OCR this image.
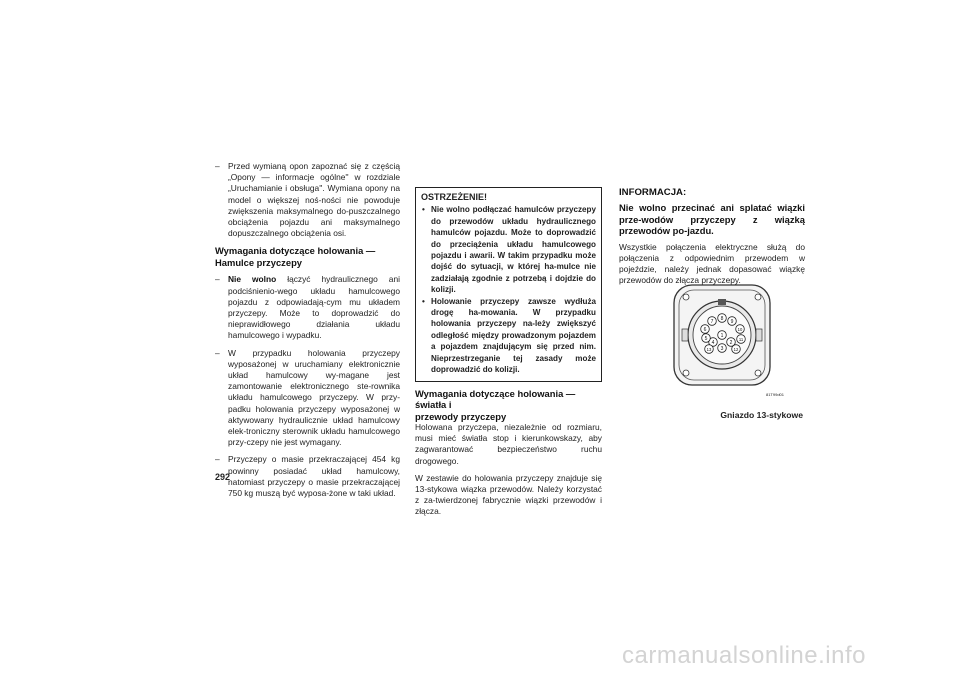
– Przed wymianą opon zapoznać się z częścią „Opony — informacje ogólne'' w rozdziale „Uruchamianie i obsługa''. Wymiana opony na model o większej noś-ności nie powoduje zwiększenia maksymalnego do-puszczalnego obciążenia pojazdu ani maksymalnego dopuszczalnego obciążenia osi.
Wymagania dotyczące holowania —
Hamulce przyczepy
– Nie wolno łączyć hydraulicznego ani podciśnienio-wego układu hamulcowego pojazdu z odpowiadają-cym mu układem przyczepy. Może to doprowadzić do nieprawidłowego działania układu hamulcowego i wypadku.
– W przypadku holowania przyczepy wyposażonej w uruchamiany elektronicznie układ hamulcowy wy-magane jest zamontowanie elektronicznego ste-rownika układu hamulcowego przyczepy. W przy-padku holowania przyczepy wyposażonej w aktywowany hydraulicznie układ hamulcowy elek-troniczny sterownik układu hamulcowego przy-czepy nie jest wymagany.
– Przyczepy o masie przekraczającej 454 kg powinny posiadać układ hamulcowy, natomiast przyczepy o masie przekraczającej 750 kg muszą być wyposa-żone w taki układ.
292
OSTRZEŻENIE!
• Nie wolno podłączać hamulców przyczepy do przewodów układu hydraulicznego hamulców pojazdu. Może to doprowadzić do przeciążenia układu hamulcowego pojazdu i awarii. W takim przypadku może dojść do sytuacji, w której ha-mulce nie zadziałają zgodnie z potrzebą i dojdzie do kolizji.
• Holowanie przyczepy zawsze wydłuża drogę ha-mowania. W przypadku holowania przyczepy na-leży zwiększyć odległość między prowadzonym pojazdem a pojazdem znajdującym się przed nim. Nieprzestrzeganie tej zasady może doprowadzić do kolizji.
Wymagania dotyczące holowania — światła i
przewody przyczepy

Holowana przyczepa, niezależnie od rozmiaru, musi mieć światła stop i kierunkowskazy, aby zagwarantować bezpieczeństwo ruchu drogowego.

W zestawie do holowania przyczepy znajduje się 13-stykowa wiązka przewodów. Należy korzystać z za-twierdzonej fabrycznie wiązki przewodów i złącza.

INFORMACJA:
Nie wolno przecinać ani splatać wiązki prze-wodów przyczepy z wiązką przewodów po-jazdu.

Wszystkie połączenia elektryczne służą do połączenia z odpowiednim przewodem w pojeździe, należy jednak dopasować wiązkę przewodów do złącza przyczepy.

1
2
3
4
5
6
7 8 9
10
11
12
13
81T99d01
Gniazdo 13-stykowe
carmanualsonline.info
